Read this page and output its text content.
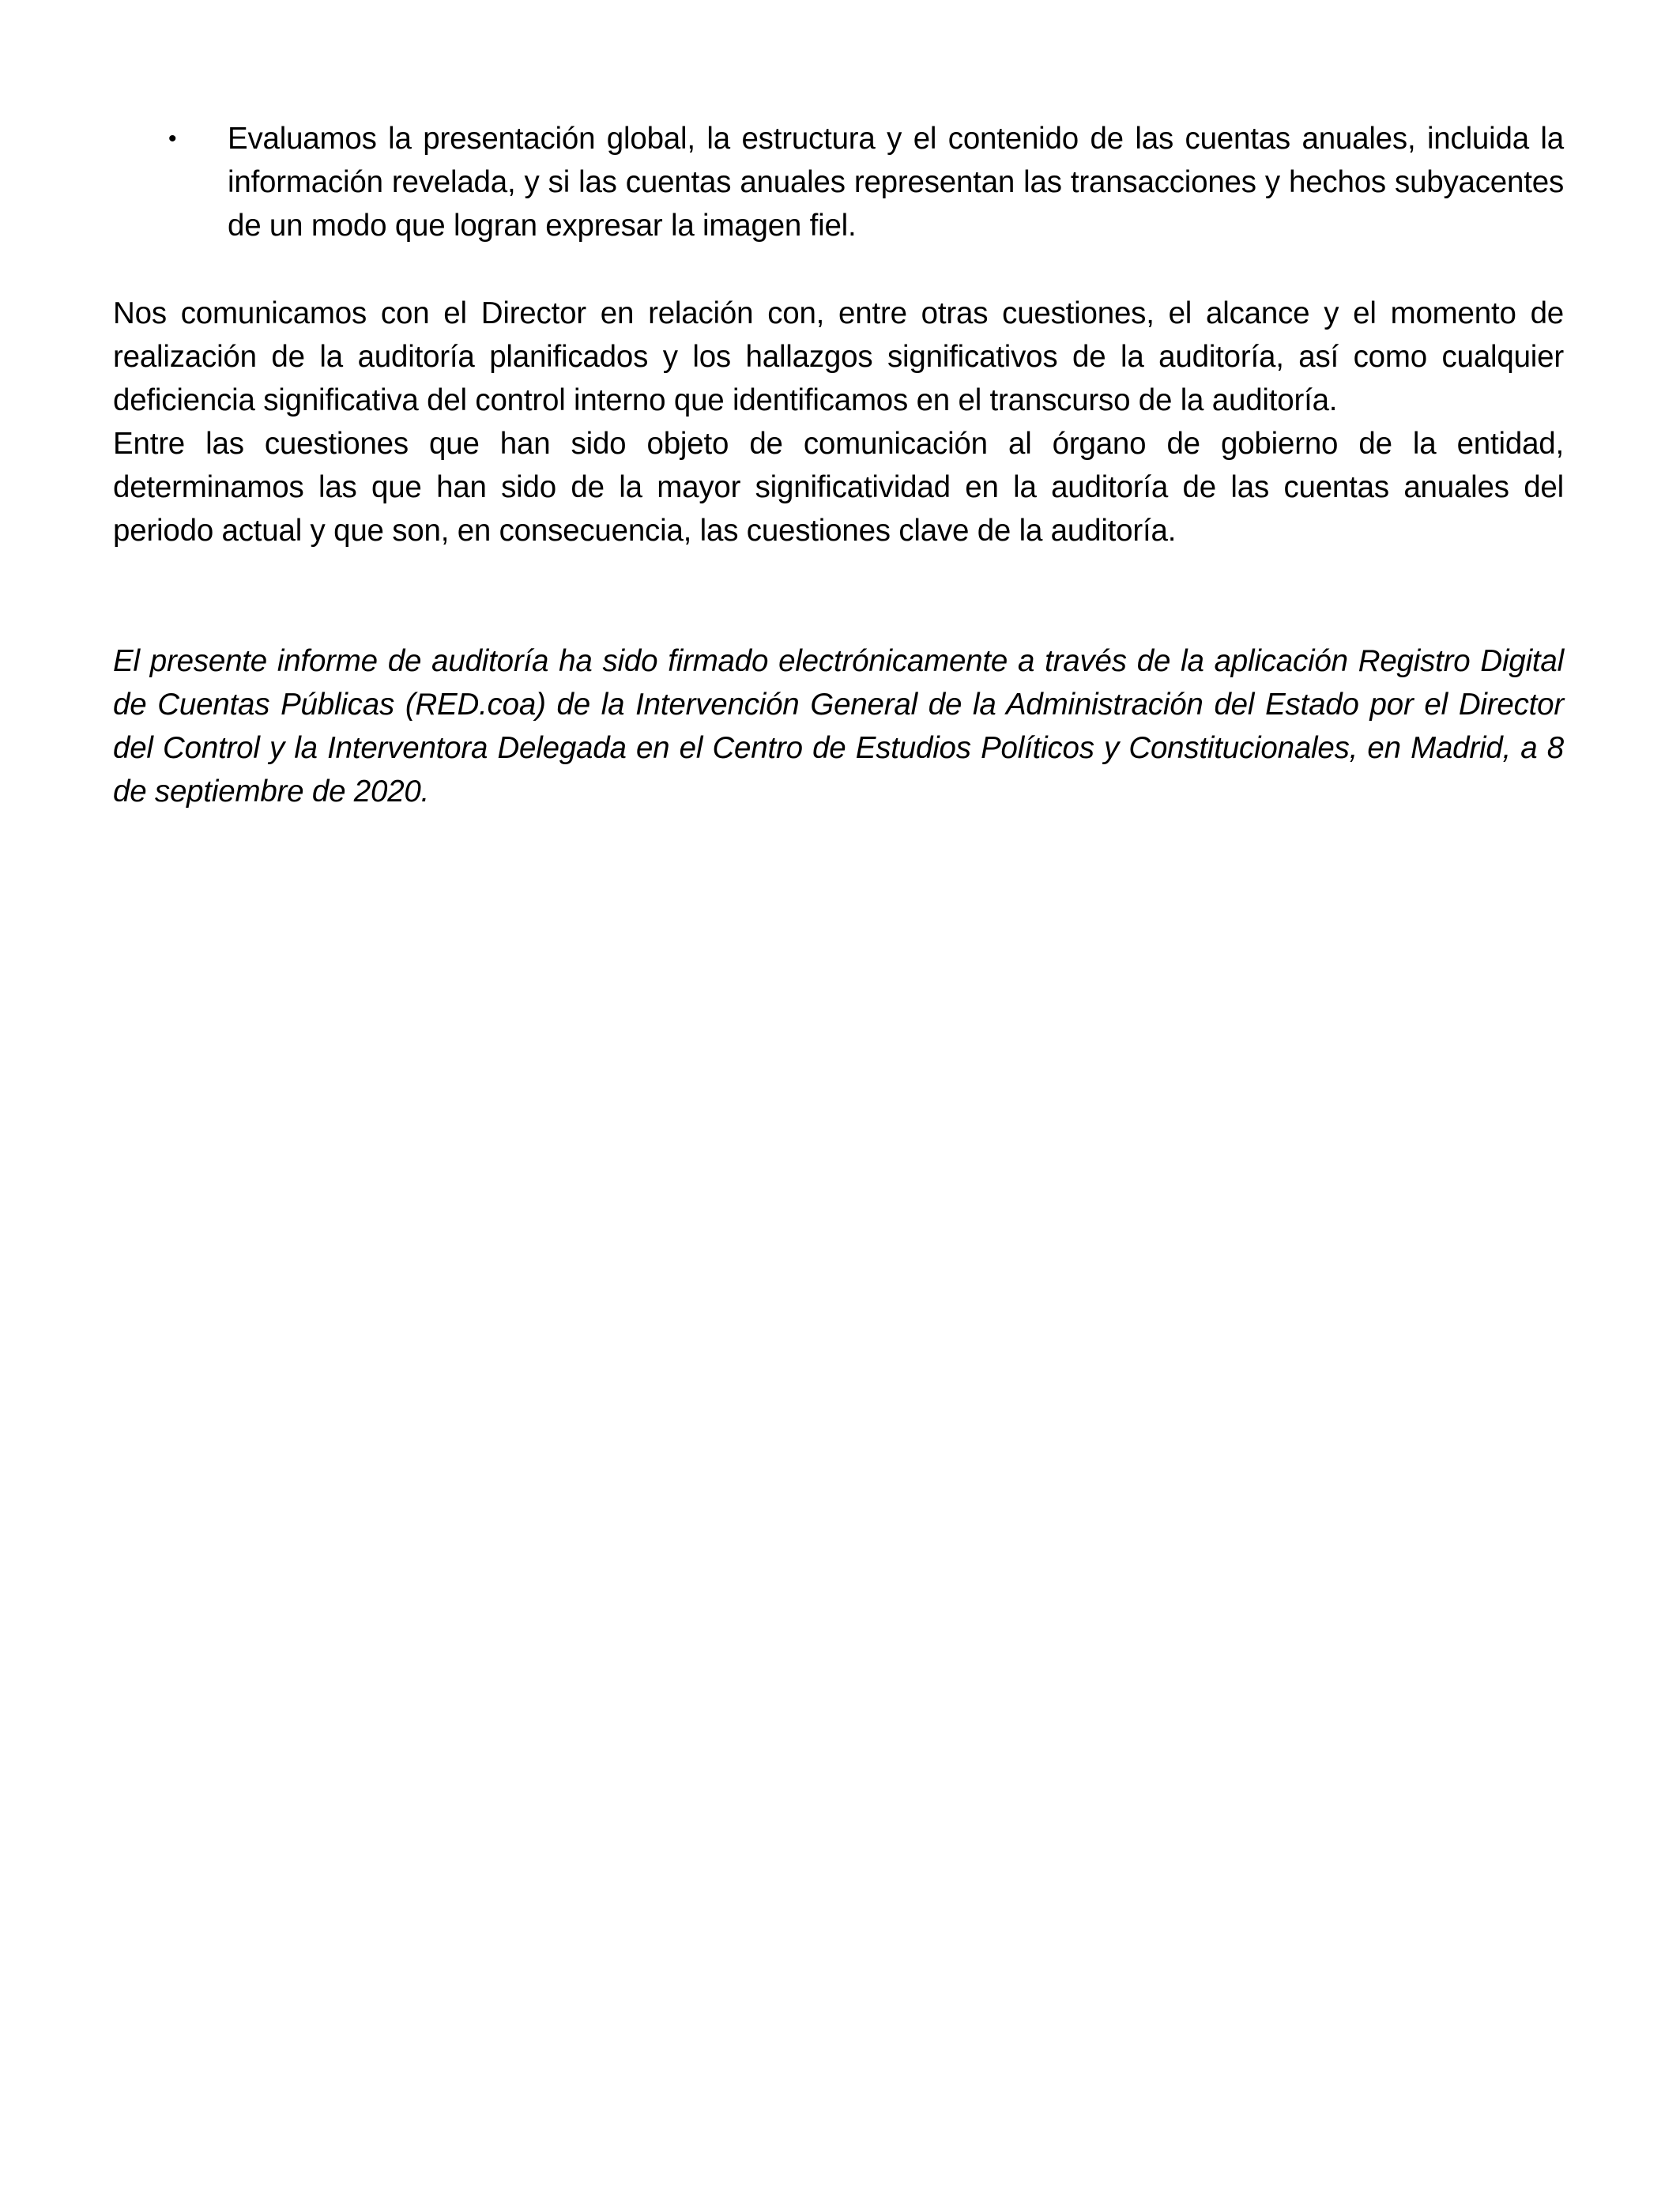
• Evaluamos la presentación global, la estructura y el contenido de las cuentas anuales, incluida la información revelada, y si las cuentas anuales representan las transacciones y hechos subyacentes de un modo que logran expresar la imagen fiel.

Nos comunicamos con el Director en relación con, entre otras cuestiones, el alcance y el momento de realización de la auditoría planificados y los hallazgos significativos de la auditoría, así como cualquier deficiencia significativa del control interno que identificamos en el transcurso de la auditoría.

Entre las cuestiones que han sido objeto de comunicación al órgano de gobierno de la entidad, determinamos las que han sido de la mayor significatividad en la auditoría de las cuentas anuales del periodo actual y que son, en consecuencia, las cuestiones clave de la auditoría.

El presente informe de auditoría ha sido firmado electrónicamente a través de la aplicación Registro Digital de Cuentas Públicas (RED.coa) de la Intervención General de la Administración del Estado por el Director del Control y la Interventora Delegada en el Centro de Estudios Políticos y Constitucionales, en Madrid, a 8 de septiembre de 2020.
